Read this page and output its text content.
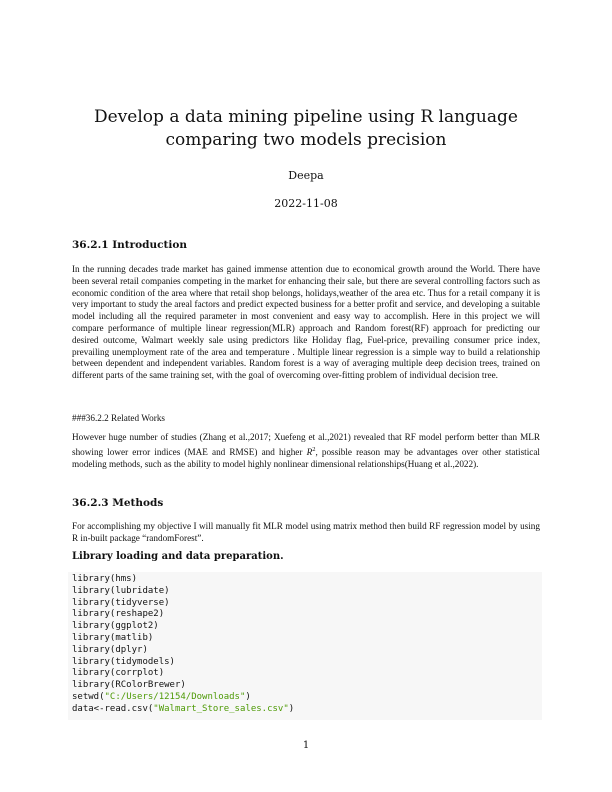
Develop a data mining pipeline using R language comparing two models precision
Deepa
2022-11-08
36.2.1 Introduction
In the running decades trade market has gained immense attention due to economical growth around the World. There have been several retail companies competing in the market for enhancing their sale, but there are several controlling factors such as economic condition of the area where that retail shop belongs, holidays,weather of the area etc. Thus for a retail company it is very important to study the areal factors and predict expected business for a better profit and service, and developing a suitable model including all the required parameter in most convenient and easy way to accomplish. Here in this project we will compare performance of multiple linear regression(MLR) approach and Random forest(RF) approach for predicting our desired outcome, Walmart weekly sale using predictors like Holiday flag, Fuel-price, prevailing consumer price index, prevailing unemployment rate of the area and temperature . Multiple linear regression is a simple way to build a relationship between dependent and independent variables. Random forest is a way of averaging multiple deep decision trees, trained on different parts of the same training set, with the goal of overcoming over-fitting problem of individual decision tree.
###36.2.2 Related Works
However huge number of studies (Zhang et al.,2017; Xuefeng et al.,2021) revealed that RF model perform better than MLR showing lower error indices (MAE and RMSE) and higher $R^2$, possible reason may be advantages over other statistical modeling methods, such as the ability to model highly nonlinear dimensional relationships(Huang et al.,2022).
36.2.3 Methods
For accomplishing my objective I will manually fit MLR model using matrix method then build RF regression model by using R in-built package “randomForest”.
Library loading and data preparation.
library(hms)
library(lubridate)
library(tidyverse)
library(reshape2)
library(ggplot2)
library(matlib)
library(dplyr)
library(tidymodels)
library(corrplot)
library(RColorBrewer)
setwd("C:/Users/12154/Downloads")
data<-read.csv("Walmart_Store_sales.csv")
1
